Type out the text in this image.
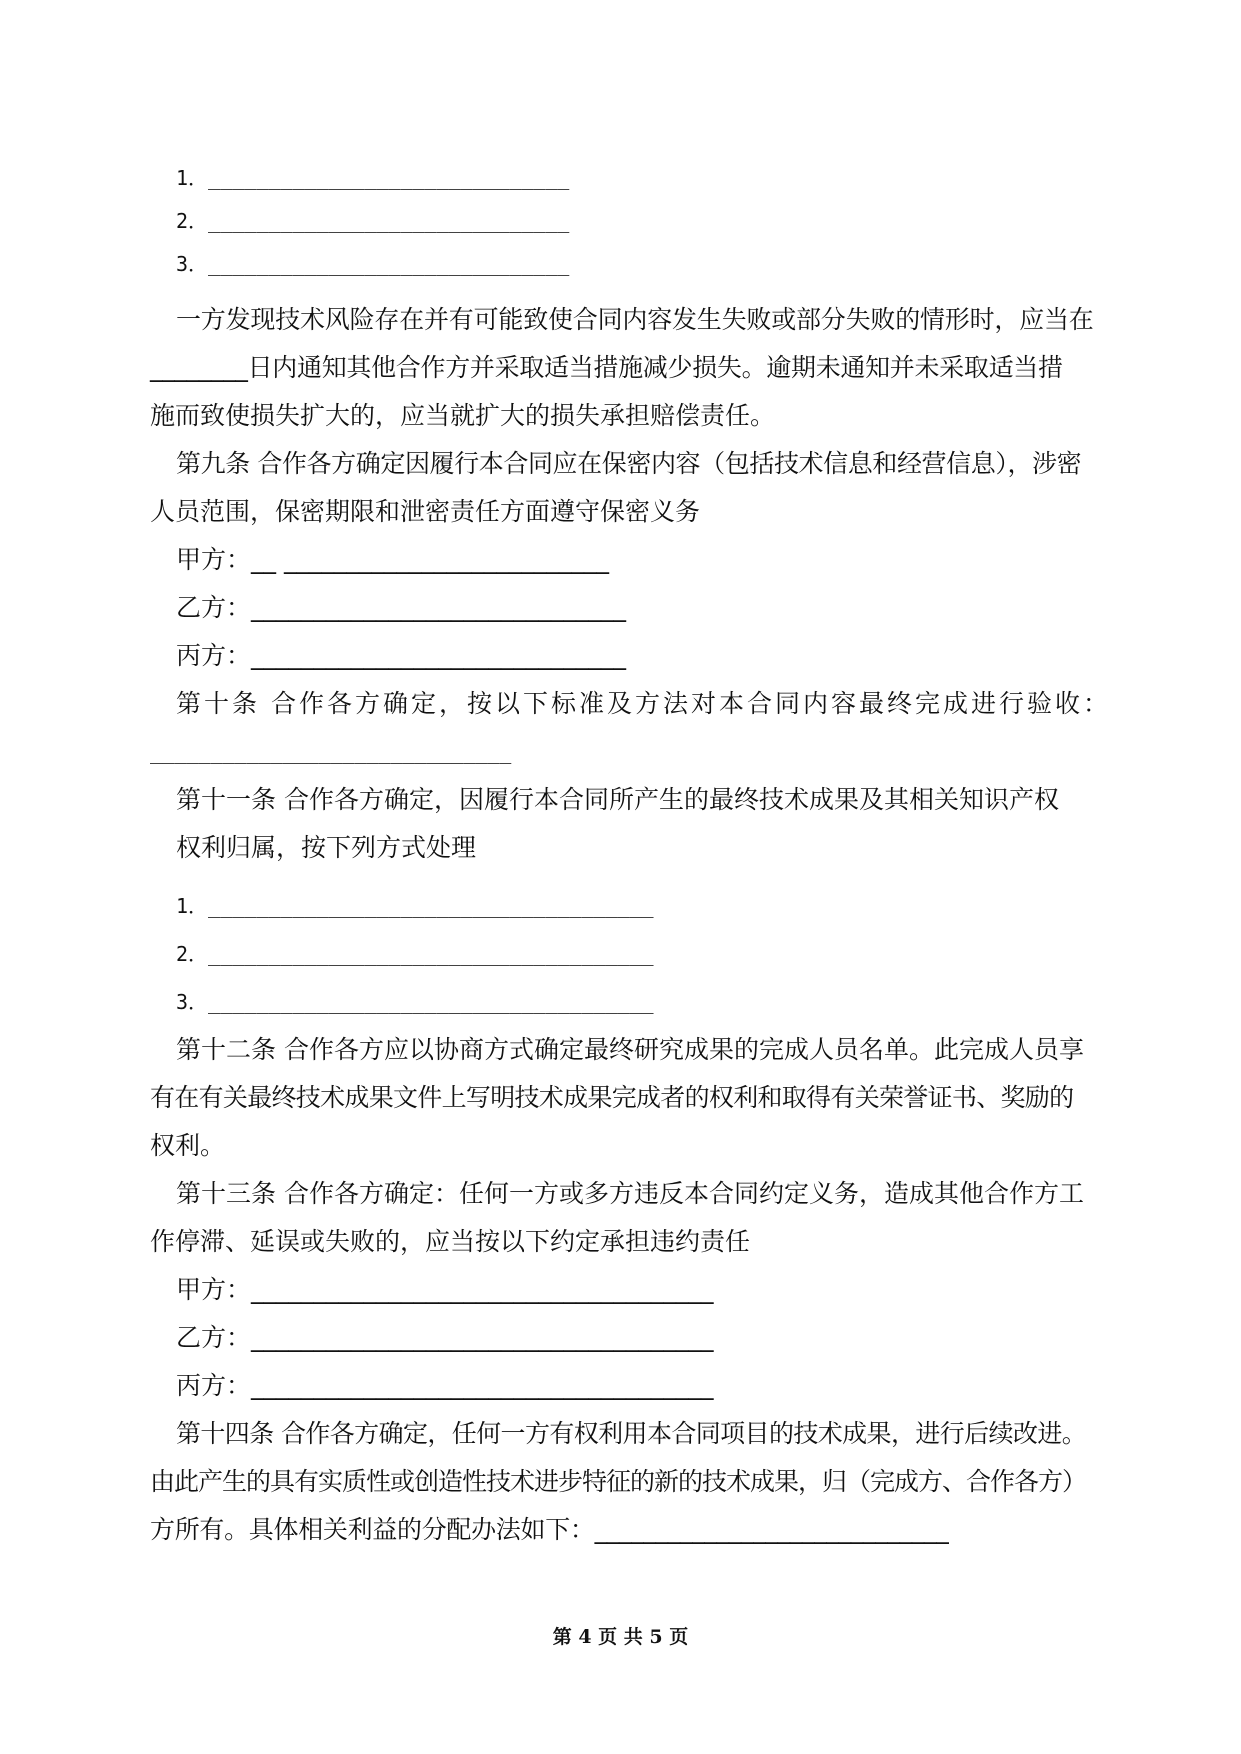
1．______________________________
2．______________________________
3．______________________________
一方发现技术风险存在并有可能致使合同内容发生失败或部分失败的情形时，应当在
________日内通知其他合作方并采取适当措施减少损失。逾期未通知并未采取适当措
施而致使损失扩大的，应当就扩大的损失承担赔偿责任。
第九条 合作各方确定因履行本合同应在保密内容（包括技术信息和经营信息），涉密
人员范围，保密期限和泄密责任方面遵守保密义务
甲方：__ __________________________
乙方：______________________________
丙方：______________________________
第十条 合作各方确定，按以下标准及方法对本合同内容最终完成进行验收：
______________________________
第十一条 合作各方确定，因履行本合同所产生的最终技术成果及其相关知识产权
权利归属，按下列方式处理
1．_____________________________________
2．_____________________________________
3．_____________________________________
第十二条 合作各方应以协商方式确定最终研究成果的完成人员名单。此完成人员享
有在有关最终技术成果文件上写明技术成果完成者的权利和取得有关荣誉证书、奖励的
权利。
第十三条 合作各方确定：任何一方或多方违反本合同约定义务，造成其他合作方工
作停滞、延误或失败的，应当按以下约定承担违约责任
甲方：_____________________________________
乙方：_____________________________________
丙方：_____________________________________
第十四条 合作各方确定，任何一方有权利用本合同项目的技术成果，进行后续改进。
由此产生的具有实质性或创造性技术进步特征的新的技术成果，归（完成方、合作各方）
方所有。具体相关利益的分配办法如下：_____________________________
第 4 页 共 5 页
